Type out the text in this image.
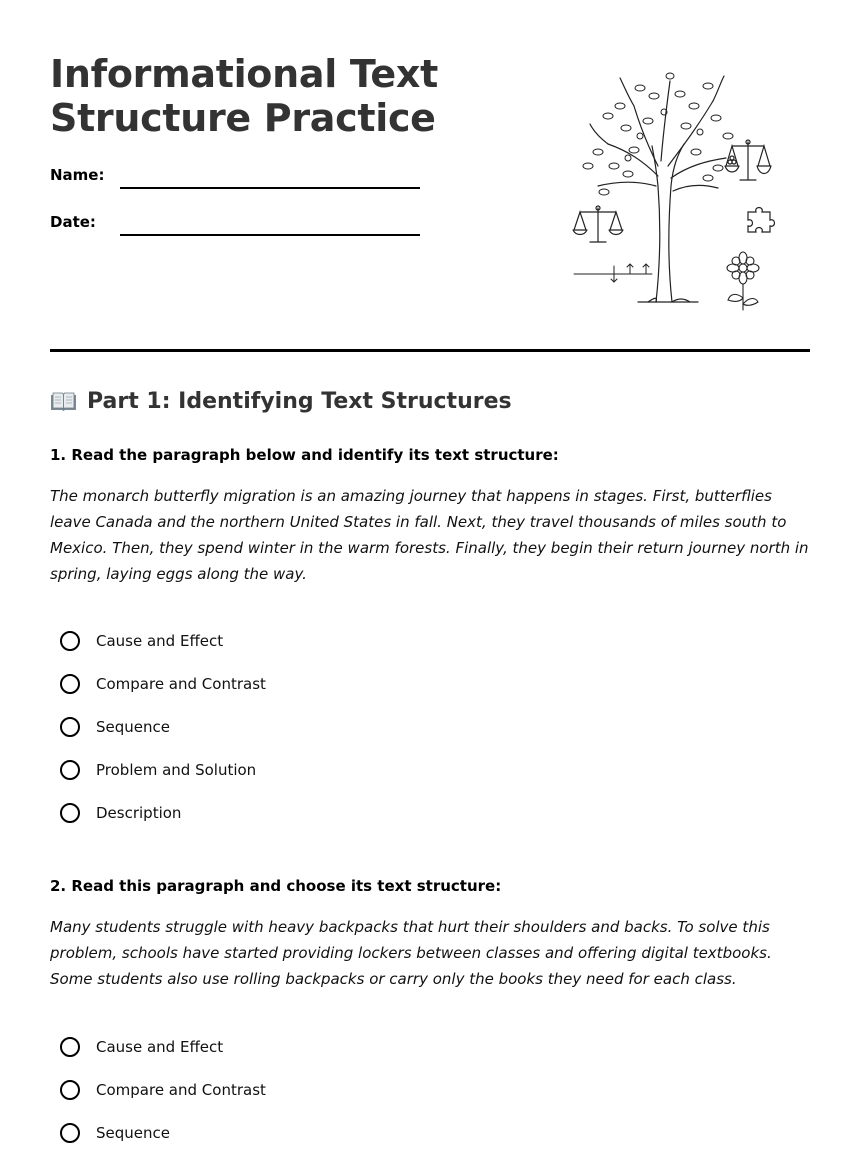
Informational Text
Structure Practice
Name:
Date:
Part 1: Identifying Text Structures

1. Read the paragraph below and identify its text structure:

The monarch butterfly migration is an amazing journey that happens in stages. First, butterflies leave Canada and the northern United States in fall. Next, they travel thousands of miles south to Mexico. Then, they spend winter in the warm forests. Finally, they begin their return journey north in spring, laying eggs along the way.

Cause and Effect
Compare and Contrast
Sequence
Problem and Solution
Description

2. Read this paragraph and choose its text structure:

Many students struggle with heavy backpacks that hurt their shoulders and backs. To solve this problem, schools have started providing lockers between classes and offering digital textbooks. Some students also use rolling backpacks or carry only the books they need for each class.

Cause and Effect
Compare and Contrast
Sequence
